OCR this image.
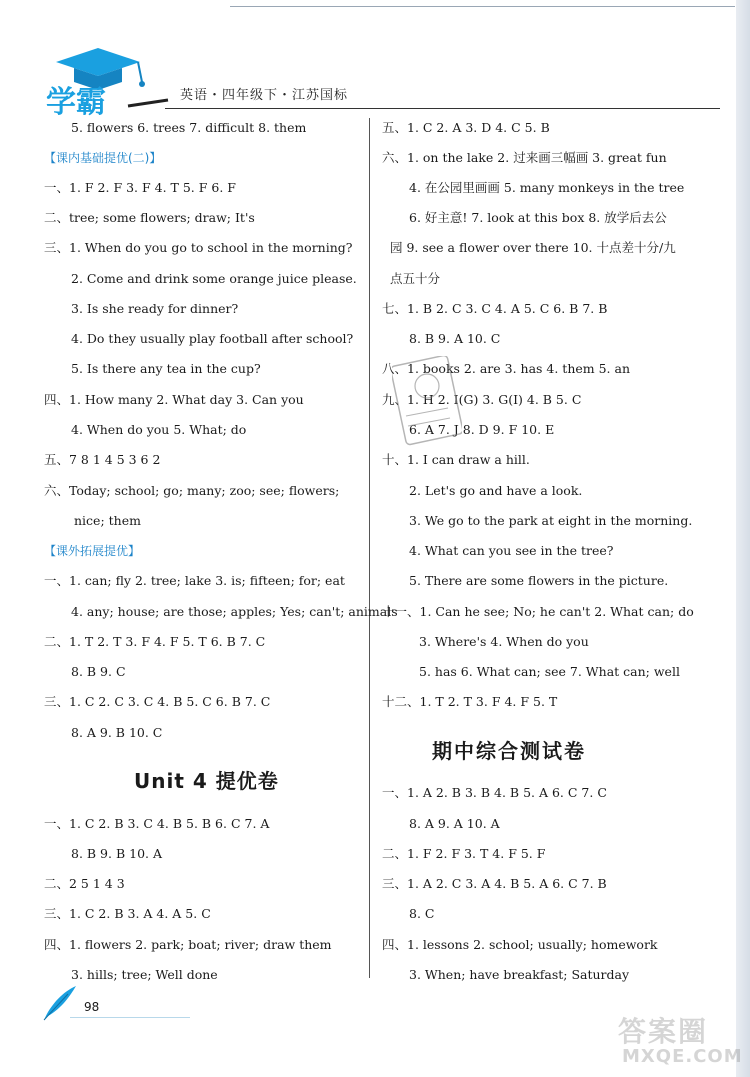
学霸	英语・四年级下・江苏国标
5. flowers 6. trees 7. difficult 8. them
【课内基础提优(二)】
一、1. F 2. F 3. F 4. T 5. F 6. F
二、tree; some flowers; draw; It's
三、1. When do you go to school in the morning?
2. Come and drink some orange juice please.
3. Is she ready for dinner?
4. Do they usually play football after school?
5. Is there any tea in the cup?
四、1. How many 2. What day 3. Can you
4. When do you 5. What; do
五、7 8 1 4 5 3 6 2
六、Today; school; go; many; zoo; see; flowers;
nice; them
【课外拓展提优】
一、1. can; fly 2. tree; lake 3. is; fifteen; for; eat
4. any; house; are those; apples; Yes; can't; animals
二、1. T 2. T 3. F 4. F 5. T 6. B 7. C
8. B 9. C
三、1. C 2. C 3. C 4. B 5. C 6. B 7. C
8. A 9. B 10. C
Unit 4 提优卷
一、1. C 2. B 3. C 4. B 5. B 6. C 7. A
8. B 9. B 10. A
二、2 5 1 4 3
三、1. C 2. B 3. A 4. A 5. C
四、1. flowers 2. park; boat; river; draw them
3. hills; tree; Well done
五、1. C 2. A 3. D 4. C 5. B
六、1. on the lake 2. 过来画三幅画 3. great fun
4. 在公园里画画 5. many monkeys in the tree
6. 好主意! 7. look at this box 8. 放学后去公
园 9. see a flower over there 10. 十点差十分/九
点五十分
七、1. B 2. C 3. C 4. A 5. C 6. B 7. B
8. B 9. A 10. C
八、1. books 2. are 3. has 4. them 5. an
九、1. H 2. I(G) 3. G(I) 4. B 5. C
6. A 7. J 8. D 9. F 10. E
十、1. I can draw a hill.
2. Let's go and have a look.
3. We go to the park at eight in the morning.
4. What can you see in the tree?
5. There are some flowers in the picture.
十一、1. Can he see; No; he can't 2. What can; do
3. Where's 4. When do you
5. has 6. What can; see 7. What can; well
十二、1. T 2. T 3. F 4. F 5. T
期中综合测试卷
一、1. A 2. B 3. B 4. B 5. A 6. C 7. C
8. A 9. A 10. A
二、1. F 2. F 3. T 4. F 5. F
三、1. A 2. C 3. A 4. B 5. A 6. C 7. B
8. C
四、1. lessons 2. school; usually; homework
3. When; have breakfast; Saturday
98
答案圈
MXQE.COM
